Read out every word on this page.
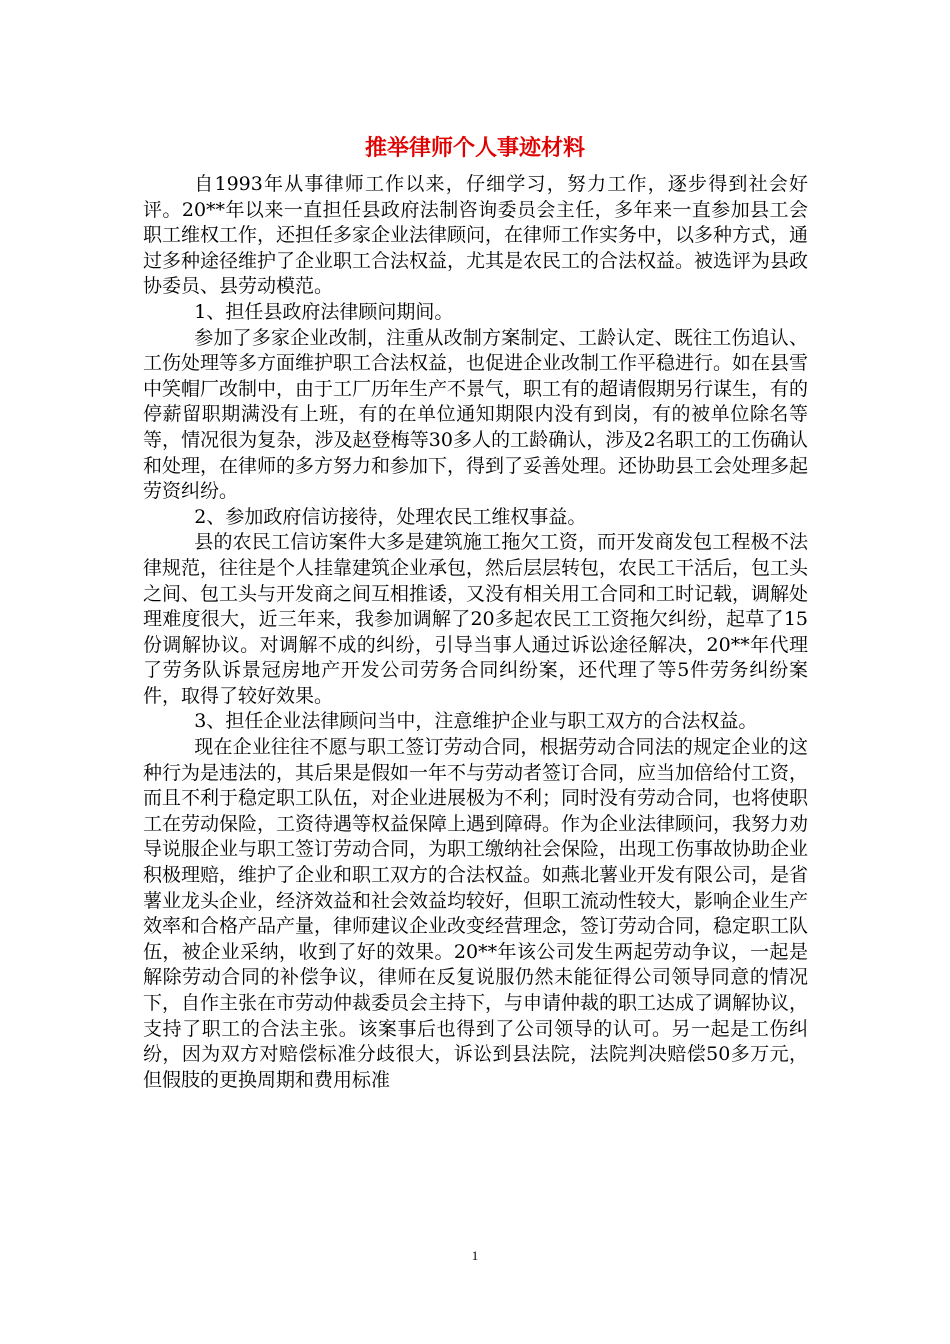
推举律师个人事迹材料

自1993年从事律师工作以来，仔细学习，努力工作，逐步得到社会好评。20**年以来一直担任县政府法制咨询委员会主任，多年来一直参加县工会职工维权工作，还担任多家企业法律顾问，在律师工作实务中，以多种方式，通过多种途径维护了企业职工合法权益，尤其是农民工的合法权益。被选评为县政协委员、县劳动模范。

1、担任县政府法律顾问期间。

参加了多家企业改制，注重从改制方案制定、工龄认定、既往工伤追认、工伤处理等多方面维护职工合法权益，也促进企业改制工作平稳进行。如在县雪中笑帽厂改制中，由于工厂历年生产不景气，职工有的超请假期另行谋生，有的停薪留职期满没有上班，有的在单位通知期限内没有到岗，有的被单位除名等等，情况很为复杂，涉及赵登梅等30多人的工龄确认，涉及2名职工的工伤确认和处理，在律师的多方努力和参加下，得到了妥善处理。还协助县工会处理多起劳资纠纷。

2、参加政府信访接待，处理农民工维权事益。

县的农民工信访案件大多是建筑施工拖欠工资，而开发商发包工程极不法律规范，往往是个人挂靠建筑企业承包，然后层层转包，农民工干活后，包工头之间、包工头与开发商之间互相推诿，又没有相关用工合同和工时记载，调解处理难度很大，近三年来，我参加调解了20多起农民工工资拖欠纠纷，起草了15份调解协议。对调解不成的纠纷，引导当事人通过诉讼途径解决，20**年代理了劳务队诉景冠房地产开发公司劳务合同纠纷案，还代理了等5件劳务纠纷案件，取得了较好效果。

3、担任企业法律顾问当中，注意维护企业与职工双方的合法权益。

现在企业往往不愿与职工签订劳动合同，根据劳动合同法的规定企业的这种行为是违法的，其后果是假如一年不与劳动者签订合同，应当加倍给付工资，而且不利于稳定职工队伍，对企业进展极为不利；同时没有劳动合同，也将使职工在劳动保险，工资待遇等权益保障上遇到障碍。作为企业法律顾问，我努力劝导说服企业与职工签订劳动合同，为职工缴纳社会保险，出现工伤事故协助企业积极理赔，维护了企业和职工双方的合法权益。如燕北薯业开发有限公司，是省薯业龙头企业，经济效益和社会效益均较好，但职工流动性较大，影响企业生产效率和合格产品产量，律师建议企业改变经营理念，签订劳动合同，稳定职工队伍，被企业采纳，收到了好的效果。20**年该公司发生两起劳动争议，一起是解除劳动合同的补偿争议，律师在反复说服仍然未能征得公司领导同意的情况下，自作主张在市劳动仲裁委员会主持下，与申请仲裁的职工达成了调解协议，支持了职工的合法主张。该案事后也得到了公司领导的认可。另一起是工伤纠纷，因为双方对赔偿标准分歧很大，诉讼到县法院，法院判决赔偿50多万元，但假肢的更换周期和费用标准

1
